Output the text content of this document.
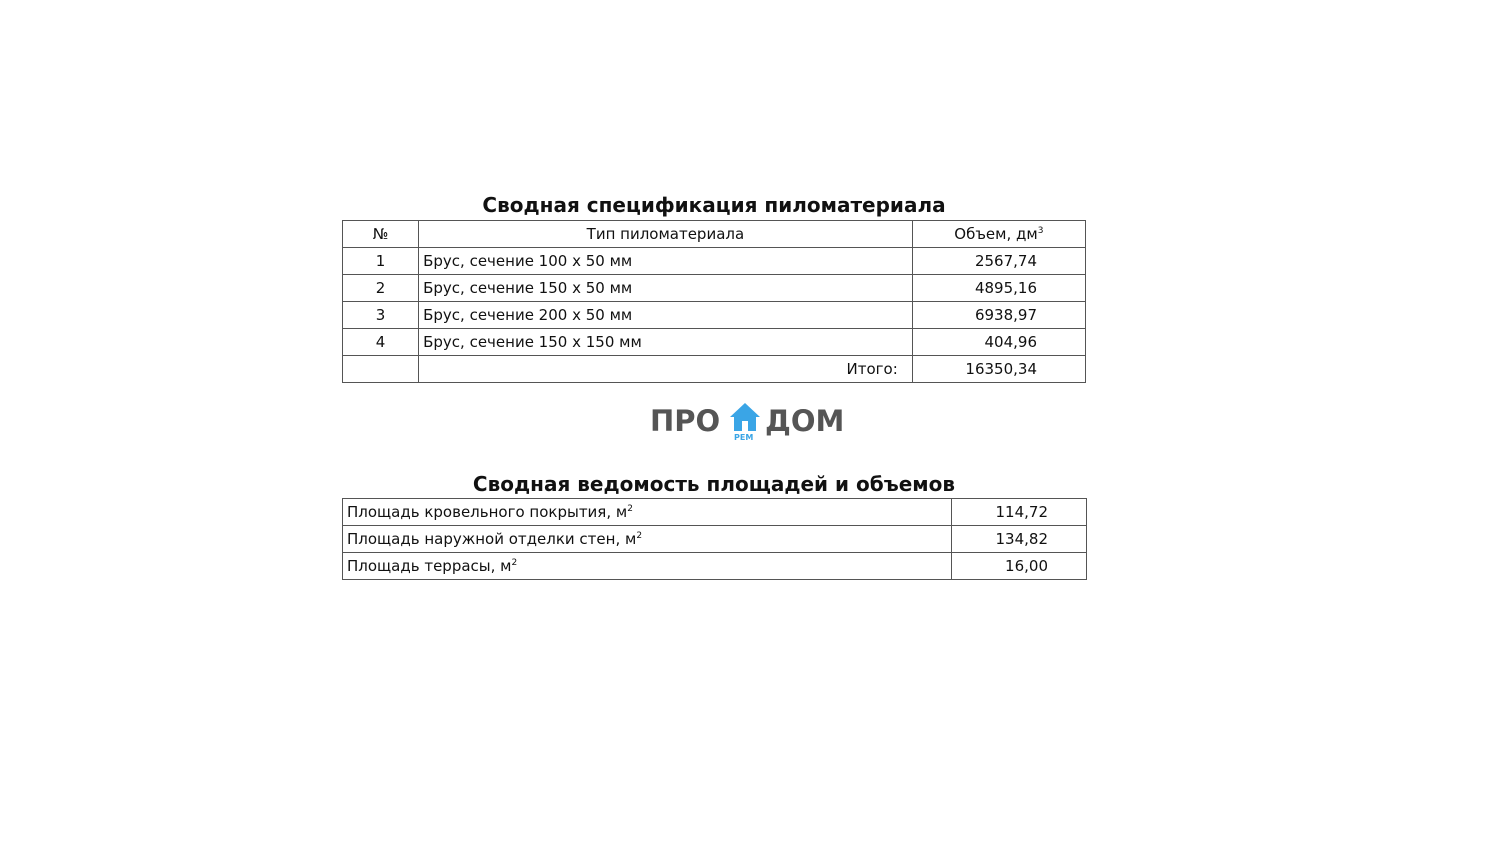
Сводная спецификация пиломатериала
№	Тип пиломатериала	Объем, $дм^3$
1	Брус, сечение 100 х 50 мм	2567,74
2	Брус, сечение 150 х 50 мм	4895,16
3	Брус, сечение 200 х 50 мм	6938,97
4	Брус, сечение 150 х 150 мм	404,96
	Итого:	16350,34
ПРО РЕМ ДОМ
Сводная ведомость площадей и объемов
Площадь кровельного покрытия, $м^2$	114,72
Площадь наружной отделки стен, $м^2$	134,82
Площадь террасы, $м^2$	16,00
